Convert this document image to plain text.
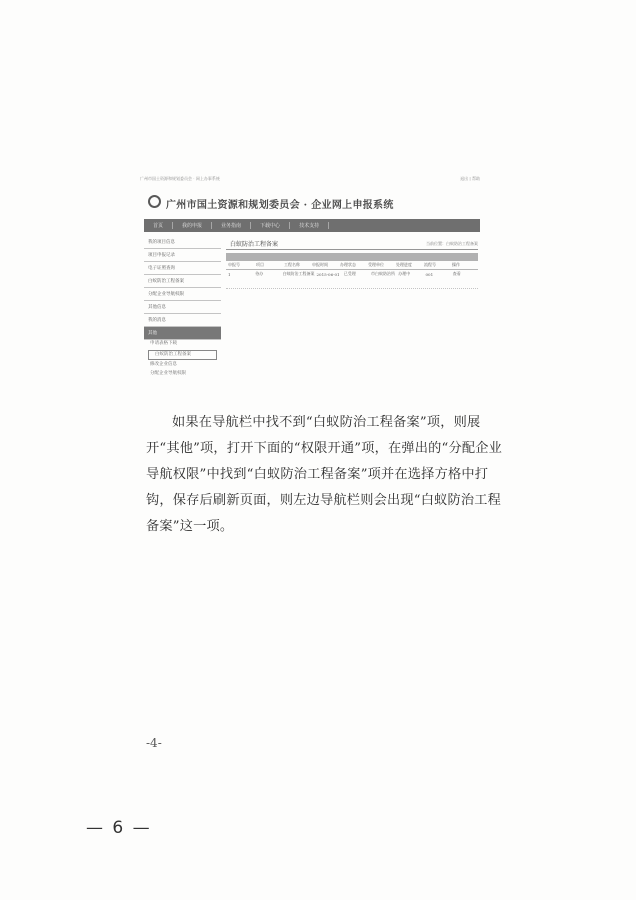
广州市国土资源和规划委员会 · 网上办事系统	退出 | 帮助
广州市国土资源和规划委员会 · 企业网上申报系统
首页	我的申报	业务指南	下载中心	技术支持
我的项目信息
项目申报记录
电子证照查询
白蚁防治工程备案
分配企业导航权限
其他信息
我的消息
其他
申请表格下载
白蚁防治工程备案
修改企业信息
分配企业导航权限
白蚁防治工程备案	当前位置：白蚁防治工程备案
申报号	项目	工程名称	申报时间	办理状态	受理单位	处理进度	流程号	操作
1	待办	白蚁防治工程备案 2015-06-01	已受理	市白蚁防治所 办理中	001	查看

如果在导航栏中找不到“白蚁防治工程备案”项，则展开“其他”项，打开下面的“权限开通”项，在弹出的“分配企业导航权限”中找到“白蚁防治工程备案”项并在选择方格中打钩，保存后刷新页面，则左边导航栏则会出现“白蚁防治工程备案”这一项。

-4-
— 6 —
